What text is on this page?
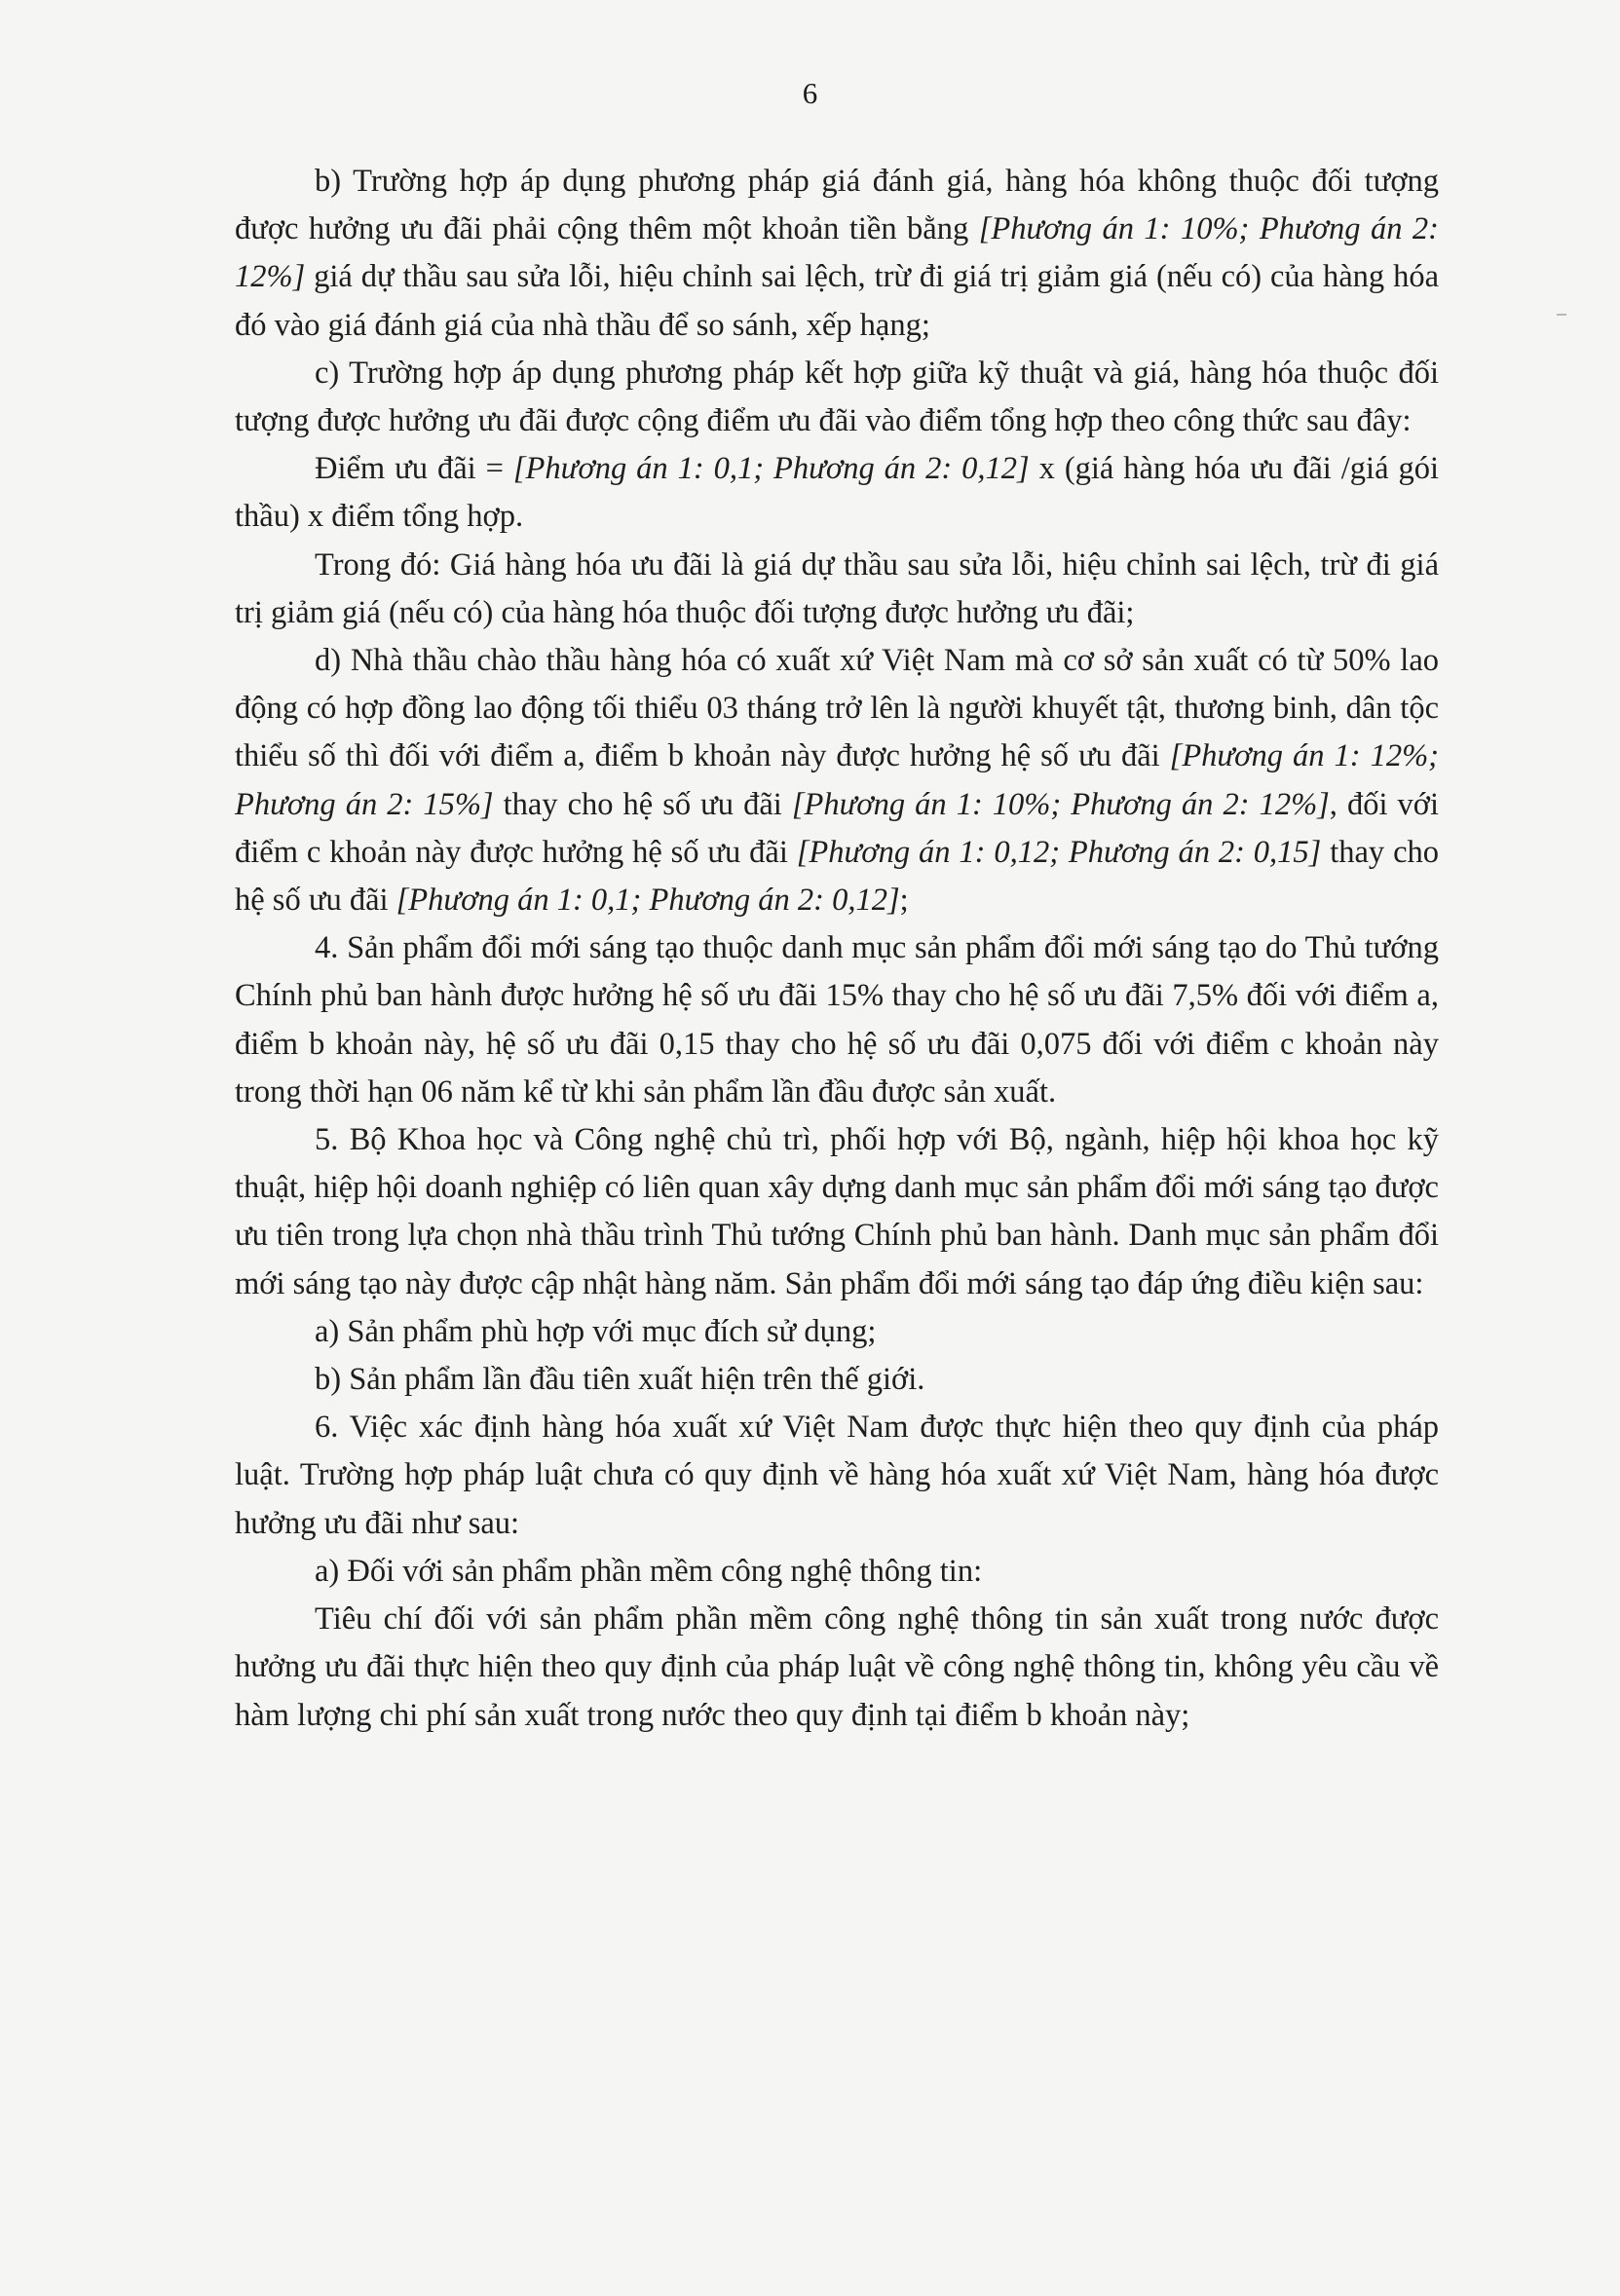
6

b) Trường hợp áp dụng phương pháp giá đánh giá, hàng hóa không thuộc đối tượng được hưởng ưu đãi phải cộng thêm một khoản tiền bằng [Phương án 1: 10%; Phương án 2: 12%] giá dự thầu sau sửa lỗi, hiệu chỉnh sai lệch, trừ đi giá trị giảm giá (nếu có) của hàng hóa đó vào giá đánh giá của nhà thầu để so sánh, xếp hạng;

c) Trường hợp áp dụng phương pháp kết hợp giữa kỹ thuật và giá, hàng hóa thuộc đối tượng được hưởng ưu đãi được cộng điểm ưu đãi vào điểm tổng hợp theo công thức sau đây:

Điểm ưu đãi = [Phương án 1: 0,1; Phương án 2: 0,12] x (giá hàng hóa ưu đãi /giá gói thầu) x điểm tổng hợp.

Trong đó: Giá hàng hóa ưu đãi là giá dự thầu sau sửa lỗi, hiệu chỉnh sai lệch, trừ đi giá trị giảm giá (nếu có) của hàng hóa thuộc đối tượng được hưởng ưu đãi;

d) Nhà thầu chào thầu hàng hóa có xuất xứ Việt Nam mà cơ sở sản xuất có từ 50% lao động có hợp đồng lao động tối thiểu 03 tháng trở lên là người khuyết tật, thương binh, dân tộc thiểu số thì đối với điểm a, điểm b khoản này được hưởng hệ số ưu đãi [Phương án 1: 12%; Phương án 2: 15%] thay cho hệ số ưu đãi [Phương án 1: 10%; Phương án 2: 12%], đối với điểm c khoản này được hưởng hệ số ưu đãi [Phương án 1: 0,12; Phương án 2: 0,15] thay cho hệ số ưu đãi [Phương án 1: 0,1; Phương án 2: 0,12];

4. Sản phẩm đổi mới sáng tạo thuộc danh mục sản phẩm đổi mới sáng tạo do Thủ tướng Chính phủ ban hành được hưởng hệ số ưu đãi 15% thay cho hệ số ưu đãi 7,5% đối với điểm a, điểm b khoản này, hệ số ưu đãi 0,15 thay cho hệ số ưu đãi 0,075 đối với điểm c khoản này trong thời hạn 06 năm kể từ khi sản phẩm lần đầu được sản xuất.

5. Bộ Khoa học và Công nghệ chủ trì, phối hợp với Bộ, ngành, hiệp hội khoa học kỹ thuật, hiệp hội doanh nghiệp có liên quan xây dựng danh mục sản phẩm đổi mới sáng tạo được ưu tiên trong lựa chọn nhà thầu trình Thủ tướng Chính phủ ban hành. Danh mục sản phẩm đổi mới sáng tạo này được cập nhật hàng năm. Sản phẩm đổi mới sáng tạo đáp ứng điều kiện sau:

a) Sản phẩm phù hợp với mục đích sử dụng;

b) Sản phẩm lần đầu tiên xuất hiện trên thế giới.

6. Việc xác định hàng hóa xuất xứ Việt Nam được thực hiện theo quy định của pháp luật. Trường hợp pháp luật chưa có quy định về hàng hóa xuất xứ Việt Nam, hàng hóa được hưởng ưu đãi như sau:

a) Đối với sản phẩm phần mềm công nghệ thông tin:

Tiêu chí đối với sản phẩm phần mềm công nghệ thông tin sản xuất trong nước được hưởng ưu đãi thực hiện theo quy định của pháp luật về công nghệ thông tin, không yêu cầu về hàm lượng chi phí sản xuất trong nước theo quy định tại điểm b khoản này;
